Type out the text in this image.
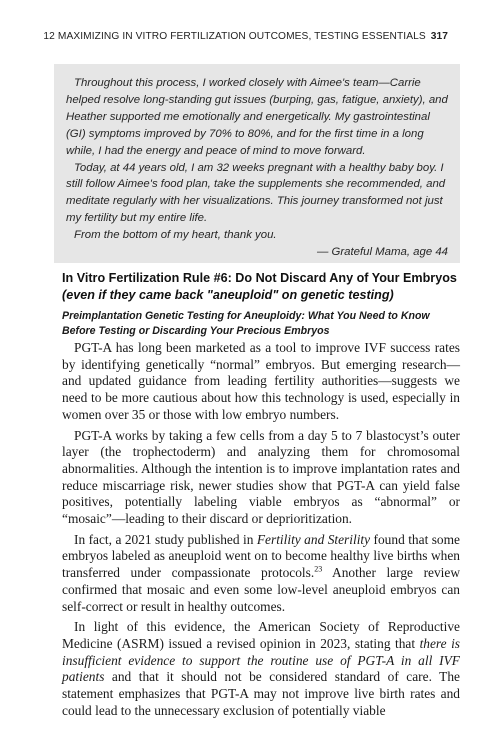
12 MAXIMIZING IN VITRO FERTILIZATION OUTCOMES, TESTING ESSENTIALS 317

Throughout this process, I worked closely with Aimee's team—Carrie helped resolve long-standing gut issues (burping, gas, fatigue, anxiety), and Heather supported me emotionally and energetically. My gastrointestinal (GI) symptoms improved by 70% to 80%, and for the first time in a long while, I had the energy and peace of mind to move forward.

Today, at 44 years old, I am 32 weeks pregnant with a healthy baby boy. I still follow Aimee's food plan, take the supplements she recommended, and meditate regularly with her visualizations. This journey transformed not just my fertility but my entire life.

From the bottom of my heart, thank you.

— Grateful Mama, age 44

In Vitro Fertilization Rule #6: Do Not Discard Any of Your Embryos (even if they came back "aneuploid" on genetic testing)
Preimplantation Genetic Testing for Aneuploidy: What You Need to Know Before Testing or Discarding Your Precious Embryos

PGT-A has long been marketed as a tool to improve IVF success rates by identifying genetically “normal” embryos. But emerging research—and updated guidance from leading fertility authorities—suggests we need to be more cautious about how this technology is used, especially in women over 35 or those with low embryo numbers.

PGT-A works by taking a few cells from a day 5 to 7 blastocyst’s outer layer (the trophectoderm) and analyzing them for chromosomal abnormalities. Although the intention is to improve implantation rates and reduce miscarriage risk, newer studies show that PGT-A can yield false positives, potentially labeling viable embryos as “abnormal” or “mosaic”—leading to their discard or deprioritization.

In fact, a 2021 study published in Fertility and Sterility found that some embryos labeled as aneuploid went on to become healthy live births when transferred under compassionate protocols.$^{23}$ Another large review confirmed that mosaic and even some low-level aneuploid embryos can self-correct or result in healthy outcomes.

In light of this evidence, the American Society of Reproductive Medicine (ASRM) issued a revised opinion in 2023, stating that there is insufficient evidence to support the routine use of PGT-A in all IVF patients and that it should not be considered standard of care. The statement emphasizes that PGT-A may not improve live birth rates and could lead to the unnecessary exclusion of potentially viable
